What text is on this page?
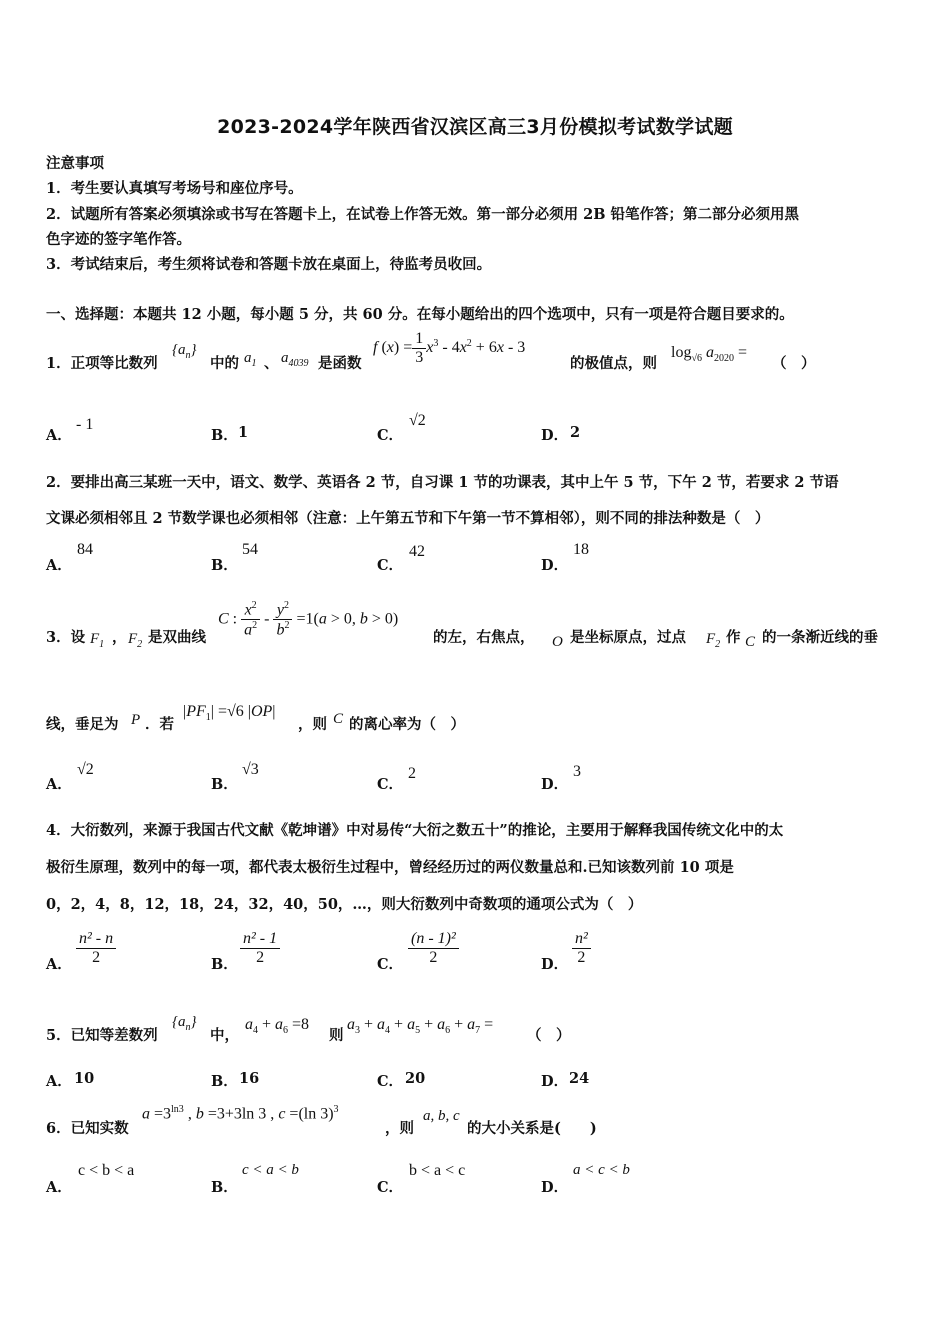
2023-2024学年陕西省汉滨区高三3月份模拟考试数学试题
注意事项
1．考生要认真填写考场号和座位序号。
2．试题所有答案必须填涂或书写在答题卡上，在试卷上作答无效。第一部分必须用 2B 铅笔作答；第二部分必须用黑
色字迹的签字笔作答。
3．考试结束后，考生须将试卷和答题卡放在桌面上，待监考员收回。
一、选择题：本题共 12 小题，每小题 5 分，共 60 分。在每小题给出的四个选项中，只有一项是符合题目要求的。
1．正项等比数列
$\{a_n\}$
中的 $a_1$ 、 $a_{4039}$ 是函数
f $(x) = \frac{1}{3} x^3 - 4x^2 + 6x - 3$
的极值点，则
$\log_{√6} a_{2020}$ =
（　）
A．
- 1
B． 1	C．
√2
D． 2
2．要排出高三某班一天中，语文、数学、英语各 2 节，自习课 1 节的功课表，其中上午 5 节，下午 2 节，若要求 2 节语
文课必须相邻且 2 节数学课也必须相邻（注意：上午第五节和下午第一节不算相邻），则不同的排法种数是（　）
A．
84
B．
54
C．
42
D．
18
3．设 $F_1$ ， $F_2$ 是双曲线
C : $\frac{x^2}{a^2} - \frac{y^2}{b^2} =1(a > 0$, b > 0)
的左，右焦点， O 是坐标原点，过点 $F_2$ 作 C 的一条渐近线的垂
线，垂足为 P ．若
$|PF_1| =√6$ |OP|
，则 C 的离心率为（　）
A．
√2
B．
√3
C．
2
D．
3
4．大衍数列，来源于我国古代文献《乾坤谱》中对易传“大衍之数五十”的推论，主要用于解释我国传统文化中的太
极衍生原理，数列中的每一项，都代表太极衍生过程中，曾经经历过的两仪数量总和.已知该数列前 10 项是
0，2，4，8，12，18，24，32，40，50，…，则大衍数列中奇数项的通项公式为（　）
A． $\frac{\text{n² - n}}{2}$	B． $\frac{\text{n² - 1}}{2}$	C． $\frac{\text{(n - 1)²}}{2}$	D． $\frac{\text{n²}}{2}$
5．已知等差数列
$\{a_n\}$
中，
$a_4 + a_6 =8$
则
$a_3 + a_4 + a_5 + a_6 + a_7$ =
（　）
A． 10	B． 16	C． 20	D． 24
6．已知实数
$a =3^{ln3}$ , b =3+3ln 3 , c =(ln 3)$^3$
，则
a, b, c
的大小关系是(　　)
A．
c < b < a
B．
c < a < b
C．
b < a < c
D．
a < c < b
